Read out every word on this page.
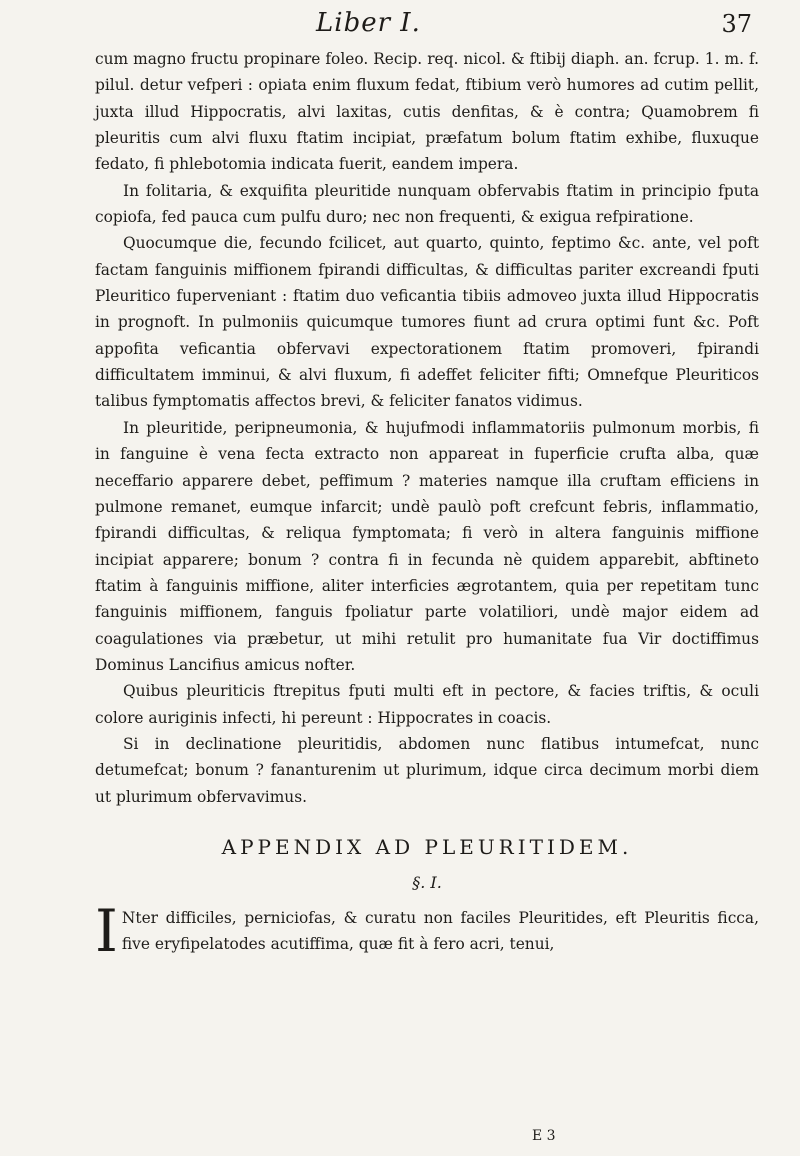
Liber I.	37

cum magno fructu propinare foleo. Recip. req. nicol. & ftibij diaph. an. fcrup. 1. m. f. pilul. detur vefperi : opiata enim fluxum fedat, ftibium verò humores ad cutim pellit, juxta illud Hippocratis, alvi laxitas, cutis denfitas, & è contra; Quamobrem fi pleuritis cum alvi fluxu ftatim incipiat, præfatum bolum ftatim exhibe, fluxuque fedato, fi phlebotomia indicata fuerit, eandem impera.

In folitaria, & exquifita pleuritide nunquam obfervabis ftatim in principio fputa copiofa, fed pauca cum pulfu duro; nec non frequenti, & exigua refpiratione.

Quocumque die, fecundo fcilicet, aut quarto, quinto, feptimo &c. ante, vel poft factam fanguinis miffionem fpirandi difficultas, & difficultas pariter excreandi fputi Pleuritico fuperveniant : ftatim duo veficantia tibiis admoveo juxta illud Hippocratis in prognoft. In pulmoniis quicumque tumores fiunt ad crura optimi funt &c. Poft appofita veficantia obfervavi expectorationem ftatim promoveri, fpirandi difficultatem imminui, & alvi fluxum, fi adeffet feliciter fifti; Omnefque Pleuriticos talibus fymptomatis affectos brevi, & feliciter fanatos vidimus.

In pleuritide, peripneumonia, & hujufmodi inflammatoriis pulmonum morbis, fi in fanguine è vena fecta extracto non appareat in fuperficie crufta alba, quæ neceffario apparere debet, peffimum ? materies namque illa cruftam efficiens in pulmone remanet, eumque infarcit; undè paulò poft crefcunt febris, inflammatio, fpirandi difficultas, & reliqua fymptomata; fi verò in altera fanguinis miffione incipiat apparere; bonum ? contra fi in fecunda nè quidem apparebit, abftineto ftatim à fanguinis miffione, aliter interficies ægrotantem, quia per repetitam tunc fanguinis miffionem, fanguis fpoliatur parte volatiliori, undè major eidem ad coagulationes via præbetur, ut mihi retulit pro humanitate fua Vir doctiffimus Dominus Lancifius amicus nofter.

Quibus pleuriticis ftrepitus fputi multi eft in pectore, & facies triftis, & oculi colore auriginis infecti, hi pereunt : Hippocrates in coacis.

Si in declinatione pleuritidis, abdomen nunc flatibus intumefcat, nunc detumefcat; bonum ? fananturenim ut plurimum, idque circa decimum morbi diem ut plurimum obfervavimus.

APPENDIX AD PLEURITIDEM.
§. I.

I Nter difficiles, perniciofas, & curatu non faciles Pleuritides, eft Pleuritis ficca, five eryfipelatodes acutiffima, quæ fit à fero acri, tenui,

E 3
